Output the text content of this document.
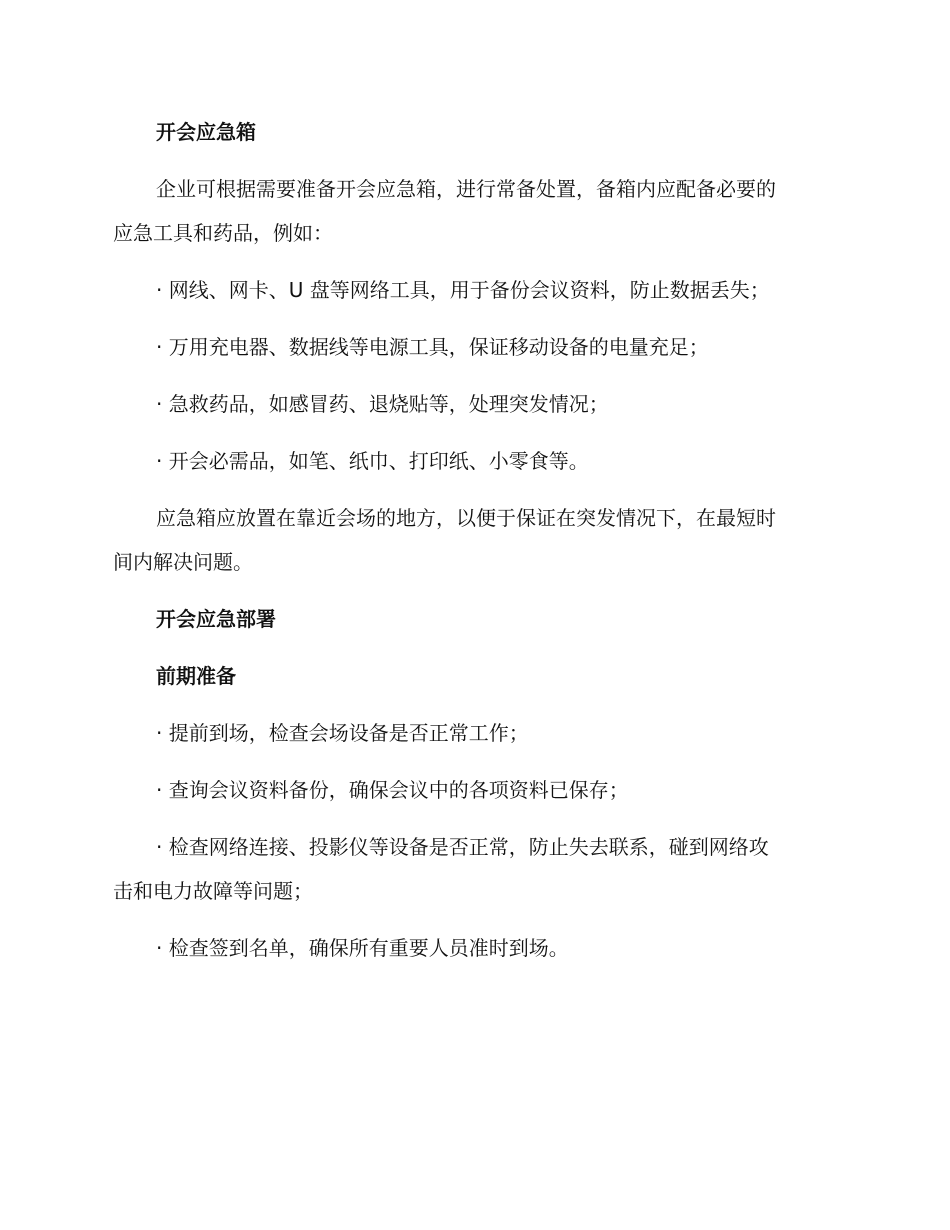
开会应急箱

企业可根据需要准备开会应急箱，进行常备处置，备箱内应配备必要的

应急工具和药品，例如：

· 网线、网卡、U 盘等网络工具，用于备份会议资料，防止数据丢失；

· 万用充电器、数据线等电源工具，保证移动设备的电量充足；

· 急救药品，如感冒药、退烧贴等，处理突发情况；

· 开会必需品，如笔、纸巾、打印纸、小零食等。

应急箱应放置在靠近会场的地方，以便于保证在突发情况下，在最短时

间内解决问题。

开会应急部署

前期准备

· 提前到场，检查会场设备是否正常工作；

· 查询会议资料备份，确保会议中的各项资料已保存；

· 检查网络连接、投影仪等设备是否正常，防止失去联系，碰到网络攻

击和电力故障等问题；

· 检查签到名单，确保所有重要人员准时到场。
